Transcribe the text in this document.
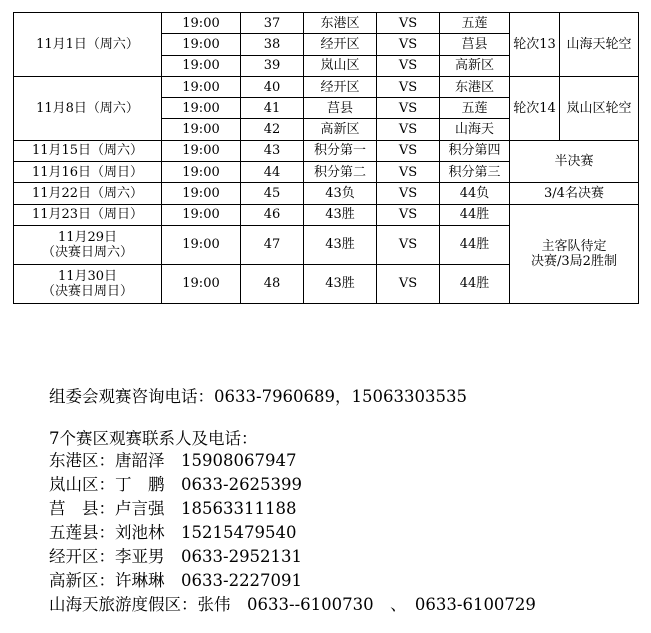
11月1日（周六）	19:00	37	东港区	VS	五莲	轮次13	山海天轮空
	19:00	38	经开区	VS	莒县		
	19:00	39	岚山区	VS	高新区		
11月8日（周六）	19:00	40	经开区	VS	东港区	轮次14	岚山区轮空
	19:00	41	莒县	VS	五莲		
	19:00	42	高新区	VS	山海天		
11月15日（周六）	19:00	43	积分第一	VS	积分第四	半决赛	
11月16日（周日）	19:00	44	积分第二	VS	积分第三		
11月22日（周六）	19:00	45	43负	VS	44负	3/4名决赛	
11月23日（周日）	19:00	46	43胜	VS	44胜	主客队待定
决赛/3局2胜制	

11月29日
（决赛日周六）	19:00	47	43胜	VS	44胜		

11月30日
（决赛日周日）	19:00	48	43胜	VS	44胜		
组委会观赛咨询电话：0633-7960689，15063303535
7个赛区观赛联系人及电话：
东港区：唐韶泽　15908067947
岚山区：丁　鹏　0633-2625399
莒　县：卢言强　18563311188
五莲县：刘池林　15215479540
经开区：李亚男　0633-2952131
高新区：许琳琳　0633-2227091
山海天旅游度假区：张伟　0633--6100730　、　0633-6100729
